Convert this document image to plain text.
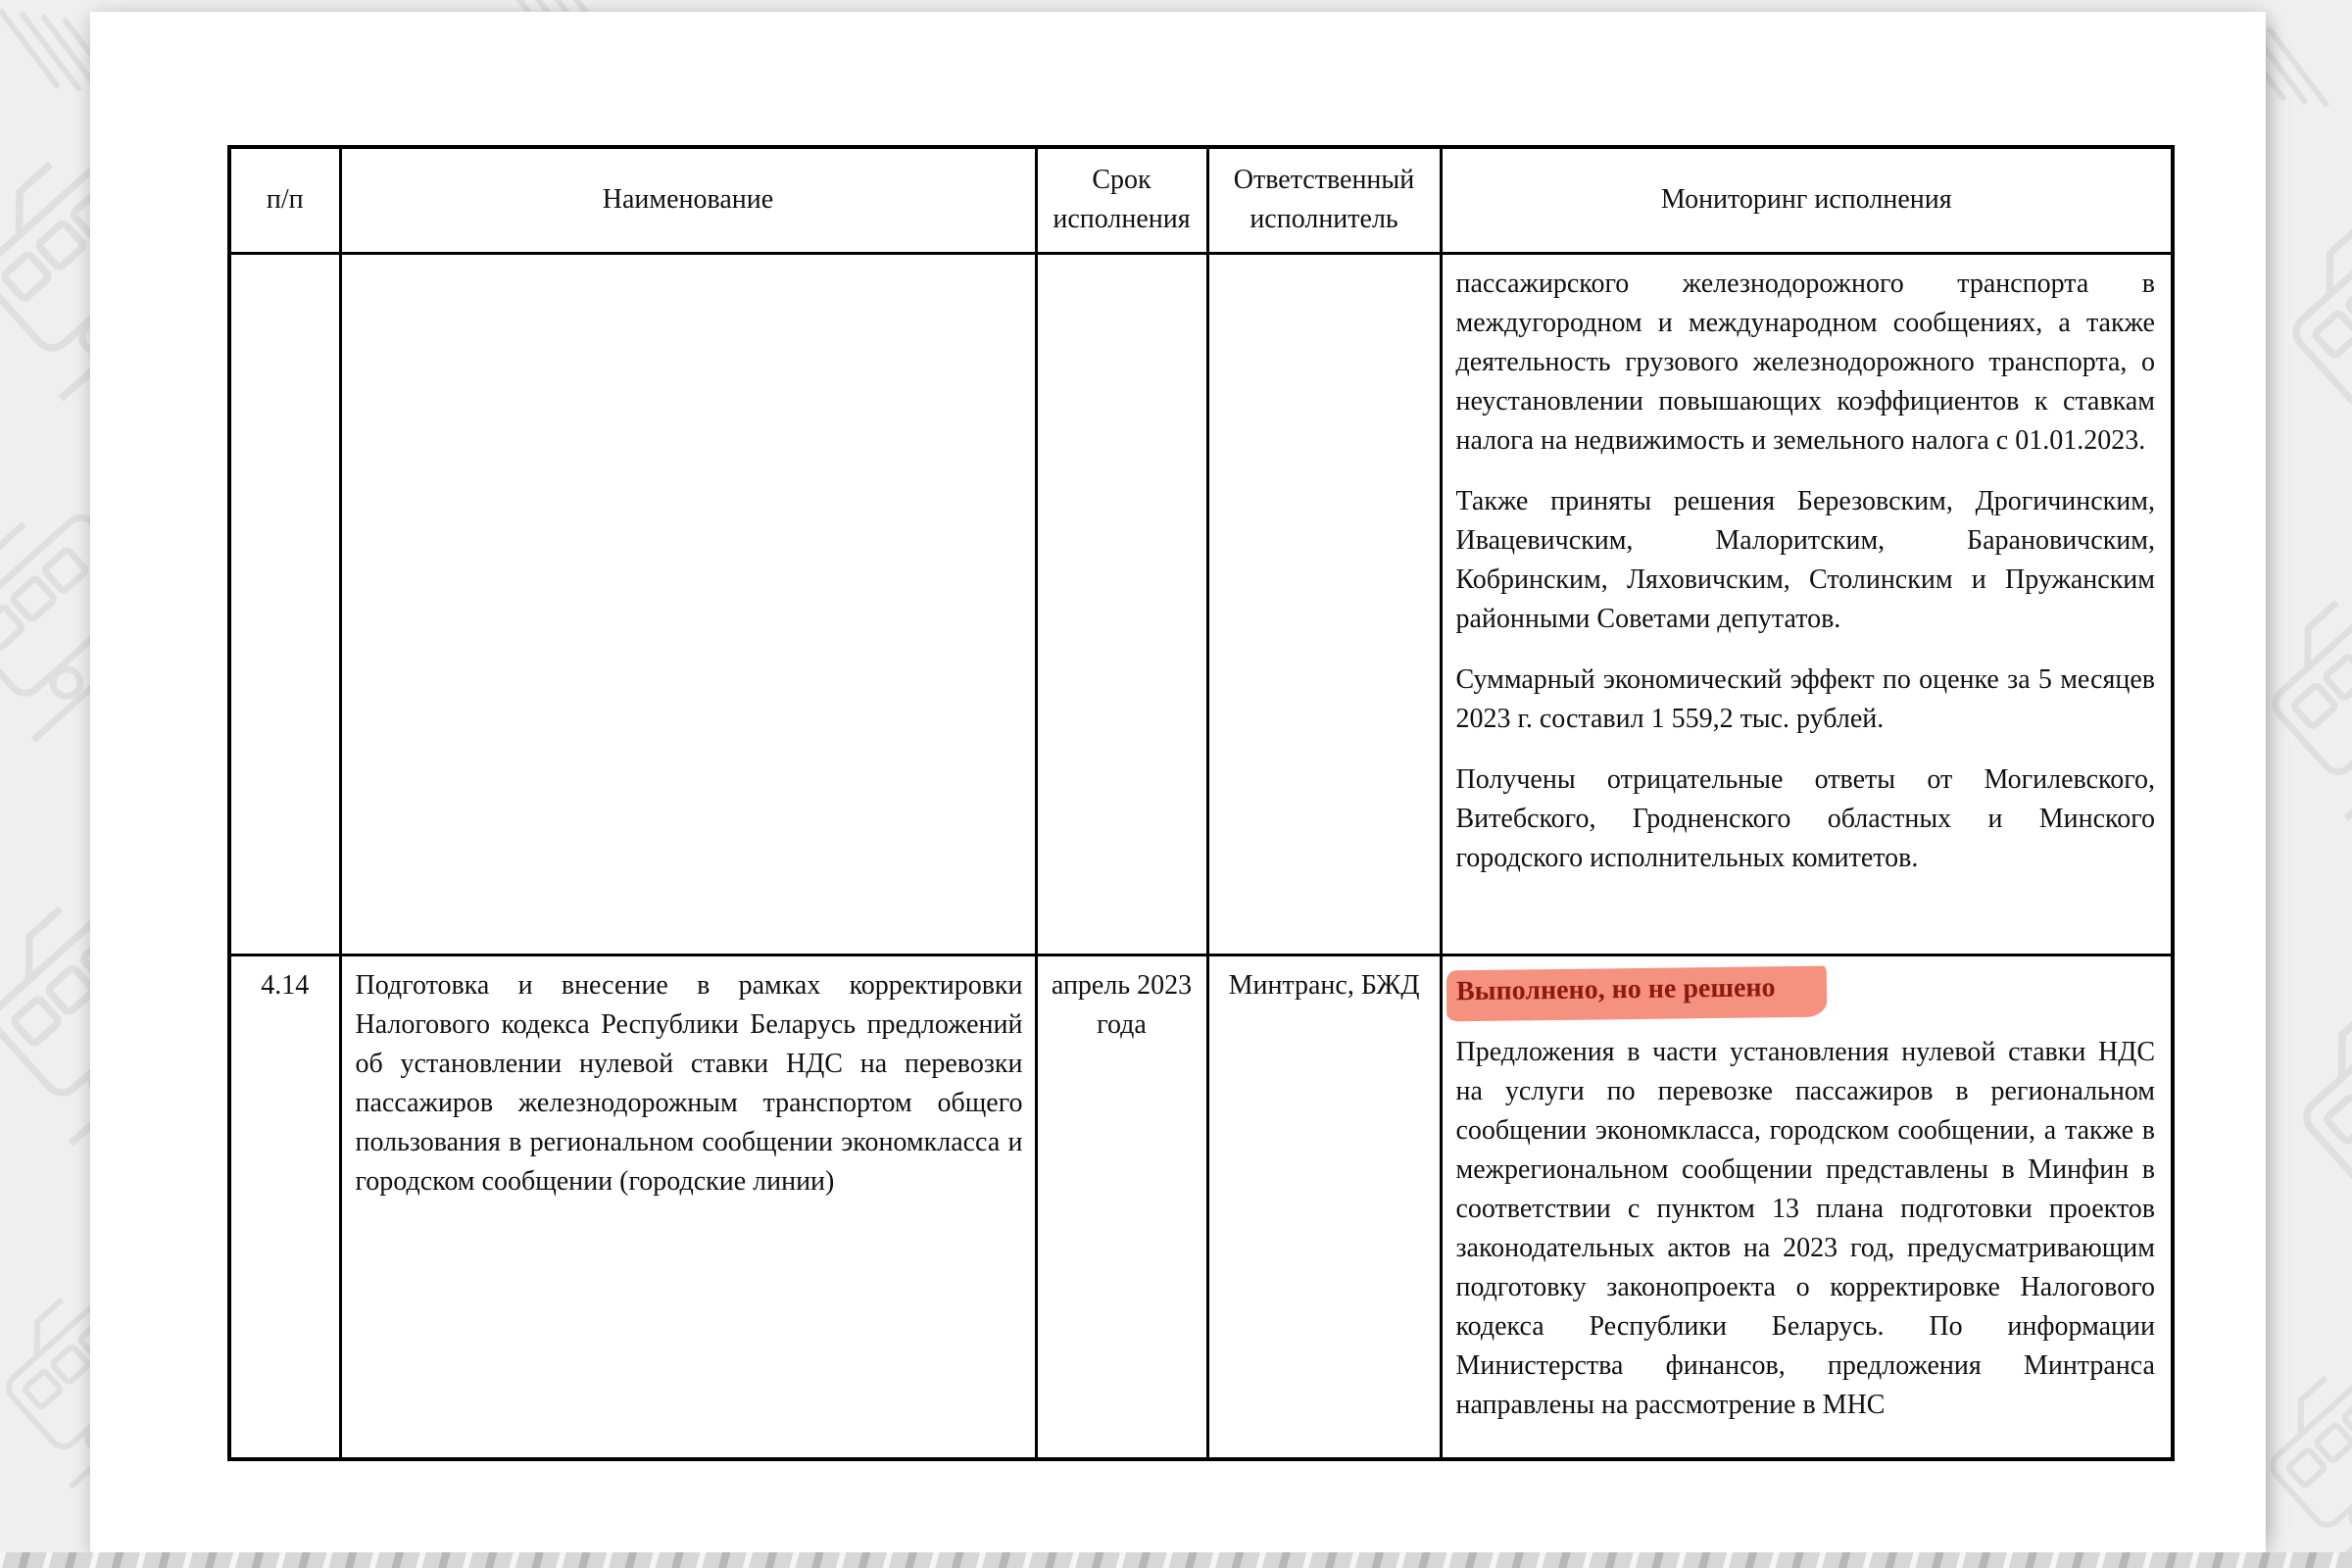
п/п	Наименование	Срок исполнения	Ответственный исполнитель	Мониторинг исполнения

				пассажирского железнодорожного транспорта в междугородном и международном сообщениях, а также деятельность грузового железнодорожного транспорта, о неустановлении повышающих коэффициентов к ставкам налога на недвижимость и земельного налога с 01.01.2023.

Также приняты решения Березовским, Дрогичинским, Ивацевичским, Малоритским, Барановичским, Кобринским, Ляховичским, Столинским и Пружанским районными Советами депутатов.

Суммарный экономический эффект по оценке за 5 месяцев 2023 г. составил 1 559,2 тыс. рублей.

Получены отрицательные ответы от Могилевского, Витебского, Гродненского областных и Минского городского исполнительных комитетов.

4.14	Подготовка и внесение в рамках корректировки Налогового кодекса Республики Беларусь предложений об установлении нулевой ставки НДС на перевозки пассажиров железнодорожным транспортом общего пользования в региональном сообщении экономкласса и городском сообщении (городские линии)	апрель 2023 года	Минтранс, БЖД	Выполнено, но не решено

Предложения в части установления нулевой ставки НДС на услуги по перевозке пассажиров в региональном сообщении экономкласса, городском сообщении, а также в межрегиональном сообщении представлены в Минфин в соответствии с пунктом 13 плана подготовки проектов законодательных актов на 2023 год, предусматривающим подготовку законопроекта о корректировке Налогового кодекса Республики Беларусь. По информации Министерства финансов, предложения Минтранса направлены на рассмотрение в МНС
